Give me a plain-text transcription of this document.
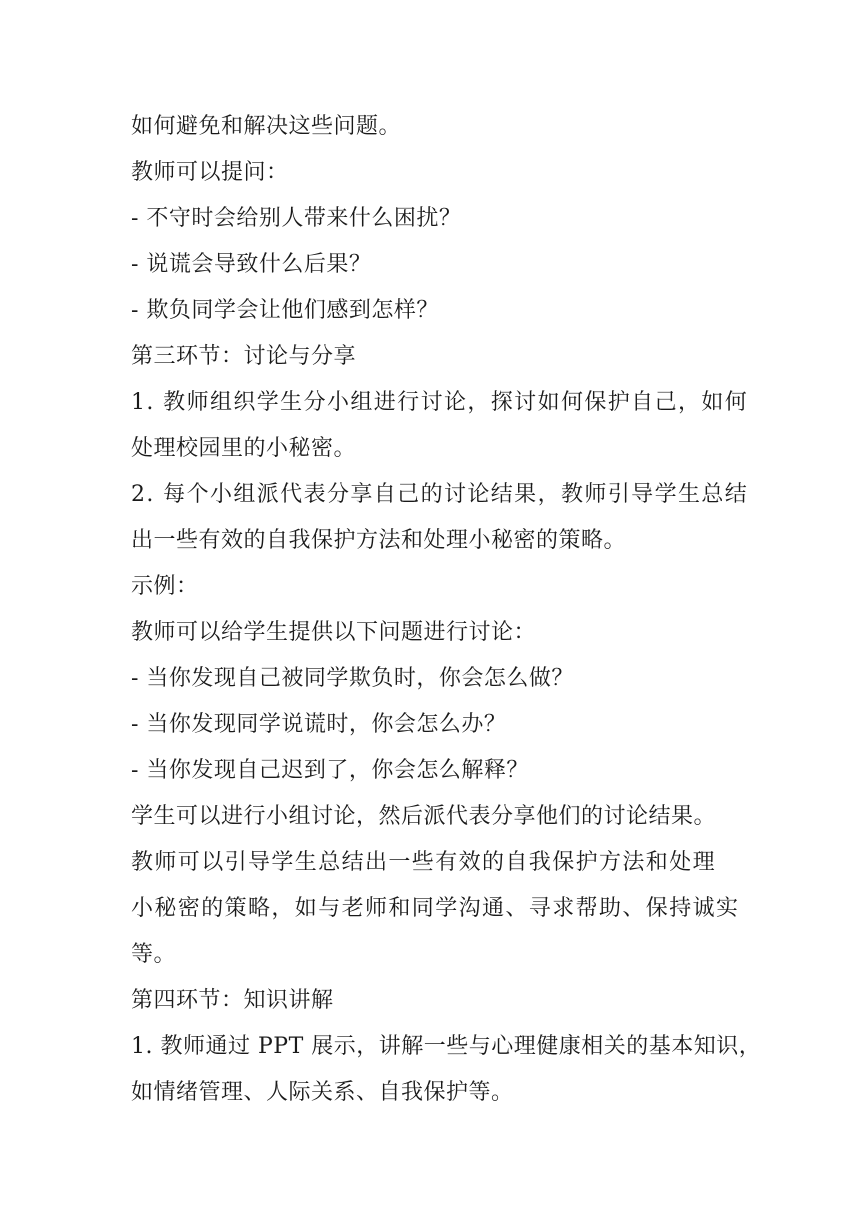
如何避免和解决这些问题。
教师可以提问：
- 不守时会给别人带来什么困扰？
- 说谎会导致什么后果？
- 欺负同学会让他们感到怎样？
第三环节：讨论与分享
1. 教师组织学生分小组进行讨论，探讨如何保护自己，如何
处理校园里的小秘密。
2. 每个小组派代表分享自己的讨论结果，教师引导学生总结
出一些有效的自我保护方法和处理小秘密的策略。
示例：
教师可以给学生提供以下问题进行讨论：
- 当你发现自己被同学欺负时，你会怎么做？
- 当你发现同学说谎时，你会怎么办？
- 当你发现自己迟到了，你会怎么解释？
学生可以进行小组讨论，然后派代表分享他们的讨论结果。
教师可以引导学生总结出一些有效的自我保护方法和处理
小秘密的策略，如与老师和同学沟通、寻求帮助、保持诚实
等。
第四环节：知识讲解
1. 教师通过 PPT 展示，讲解一些与心理健康相关的基本知识，
如情绪管理、人际关系、自我保护等。
